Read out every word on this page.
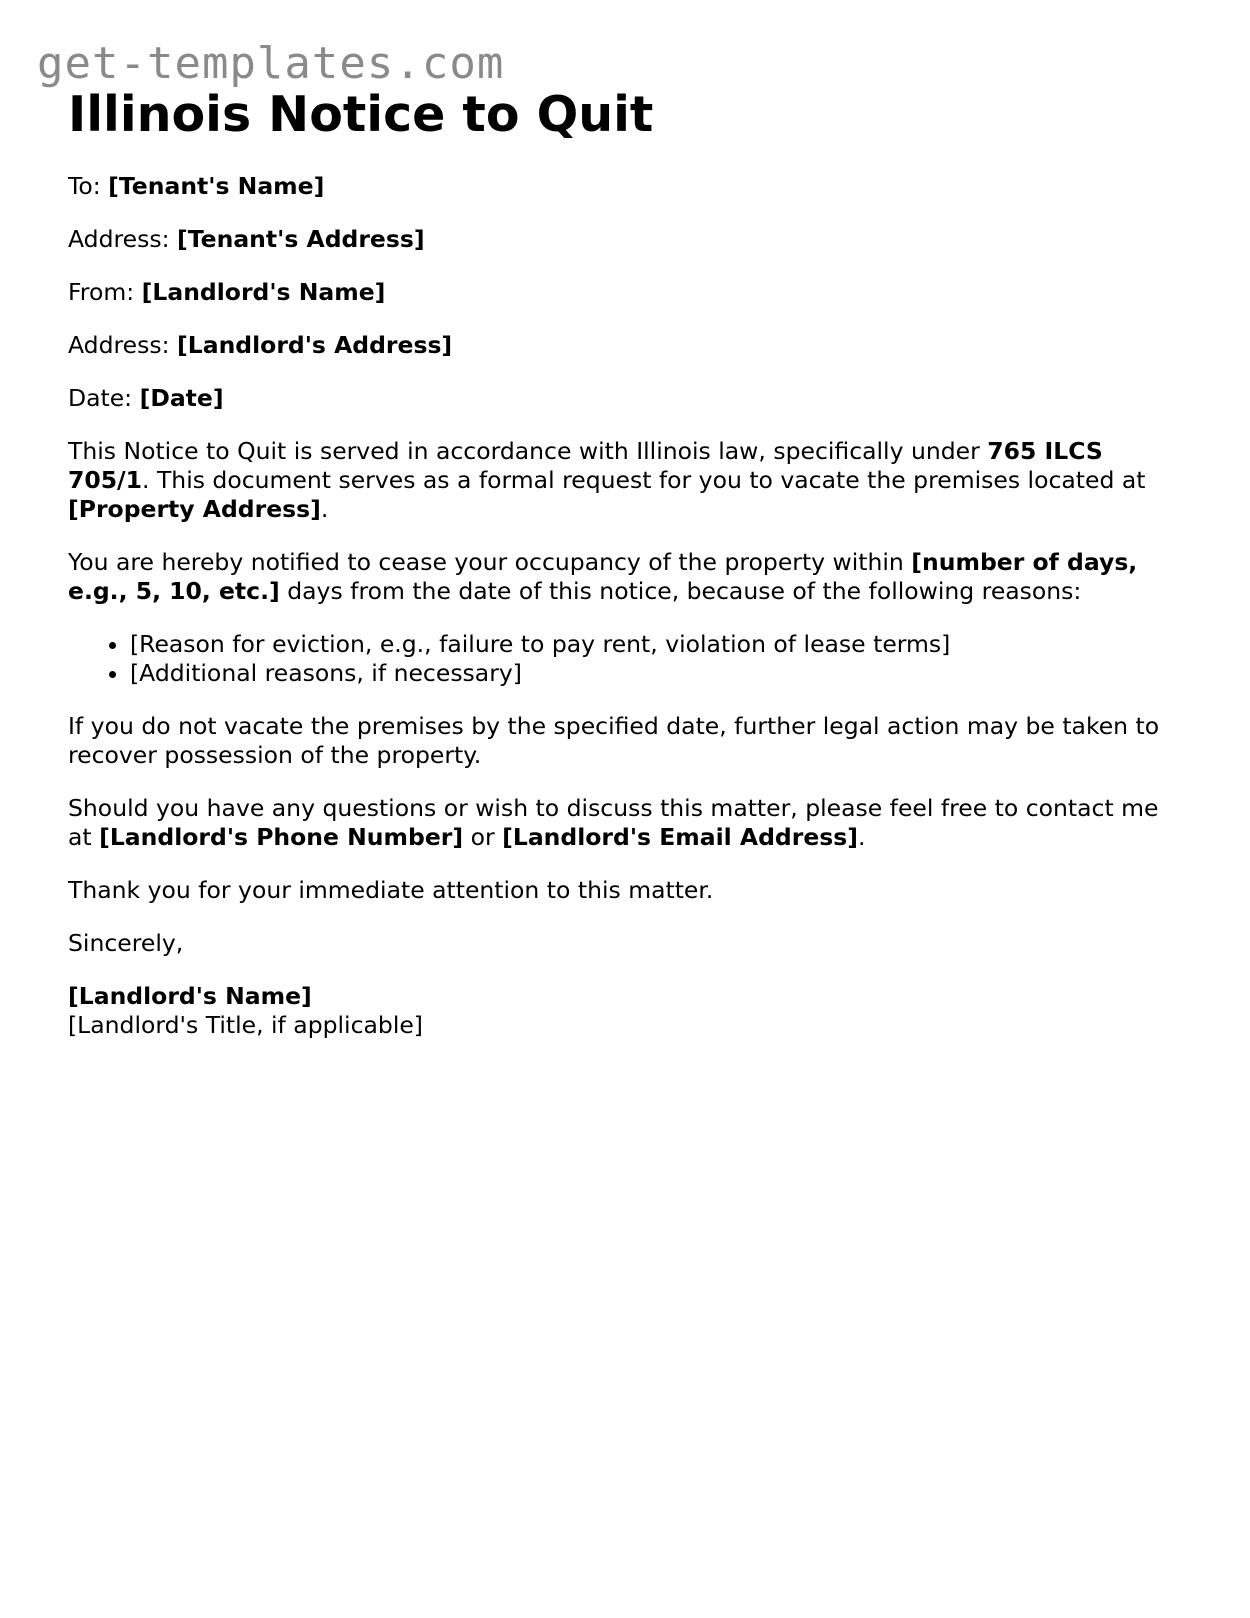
get-templates.com
Illinois Notice to Quit

To: [Tenant's Name]

Address: [Tenant's Address]

From: [Landlord's Name]

Address: [Landlord's Address]

Date: [Date]

This Notice to Quit is served in accordance with Illinois law, specifically under 765 ILCS 705/1. This document serves as a formal request for you to vacate the premises located at [Property Address].

You are hereby notified to cease your occupancy of the property within [number of days, e.g., 5, 10, etc.] days from the date of this notice, because of the following reasons:

• [Reason for eviction, e.g., failure to pay rent, violation of lease terms]
• [Additional reasons, if necessary]

If you do not vacate the premises by the specified date, further legal action may be taken to recover possession of the property.

Should you have any questions or wish to discuss this matter, please feel free to contact me at [Landlord's Phone Number] or [Landlord's Email Address].

Thank you for your immediate attention to this matter.

Sincerely,

[Landlord's Name]

[Landlord's Title, if applicable]
